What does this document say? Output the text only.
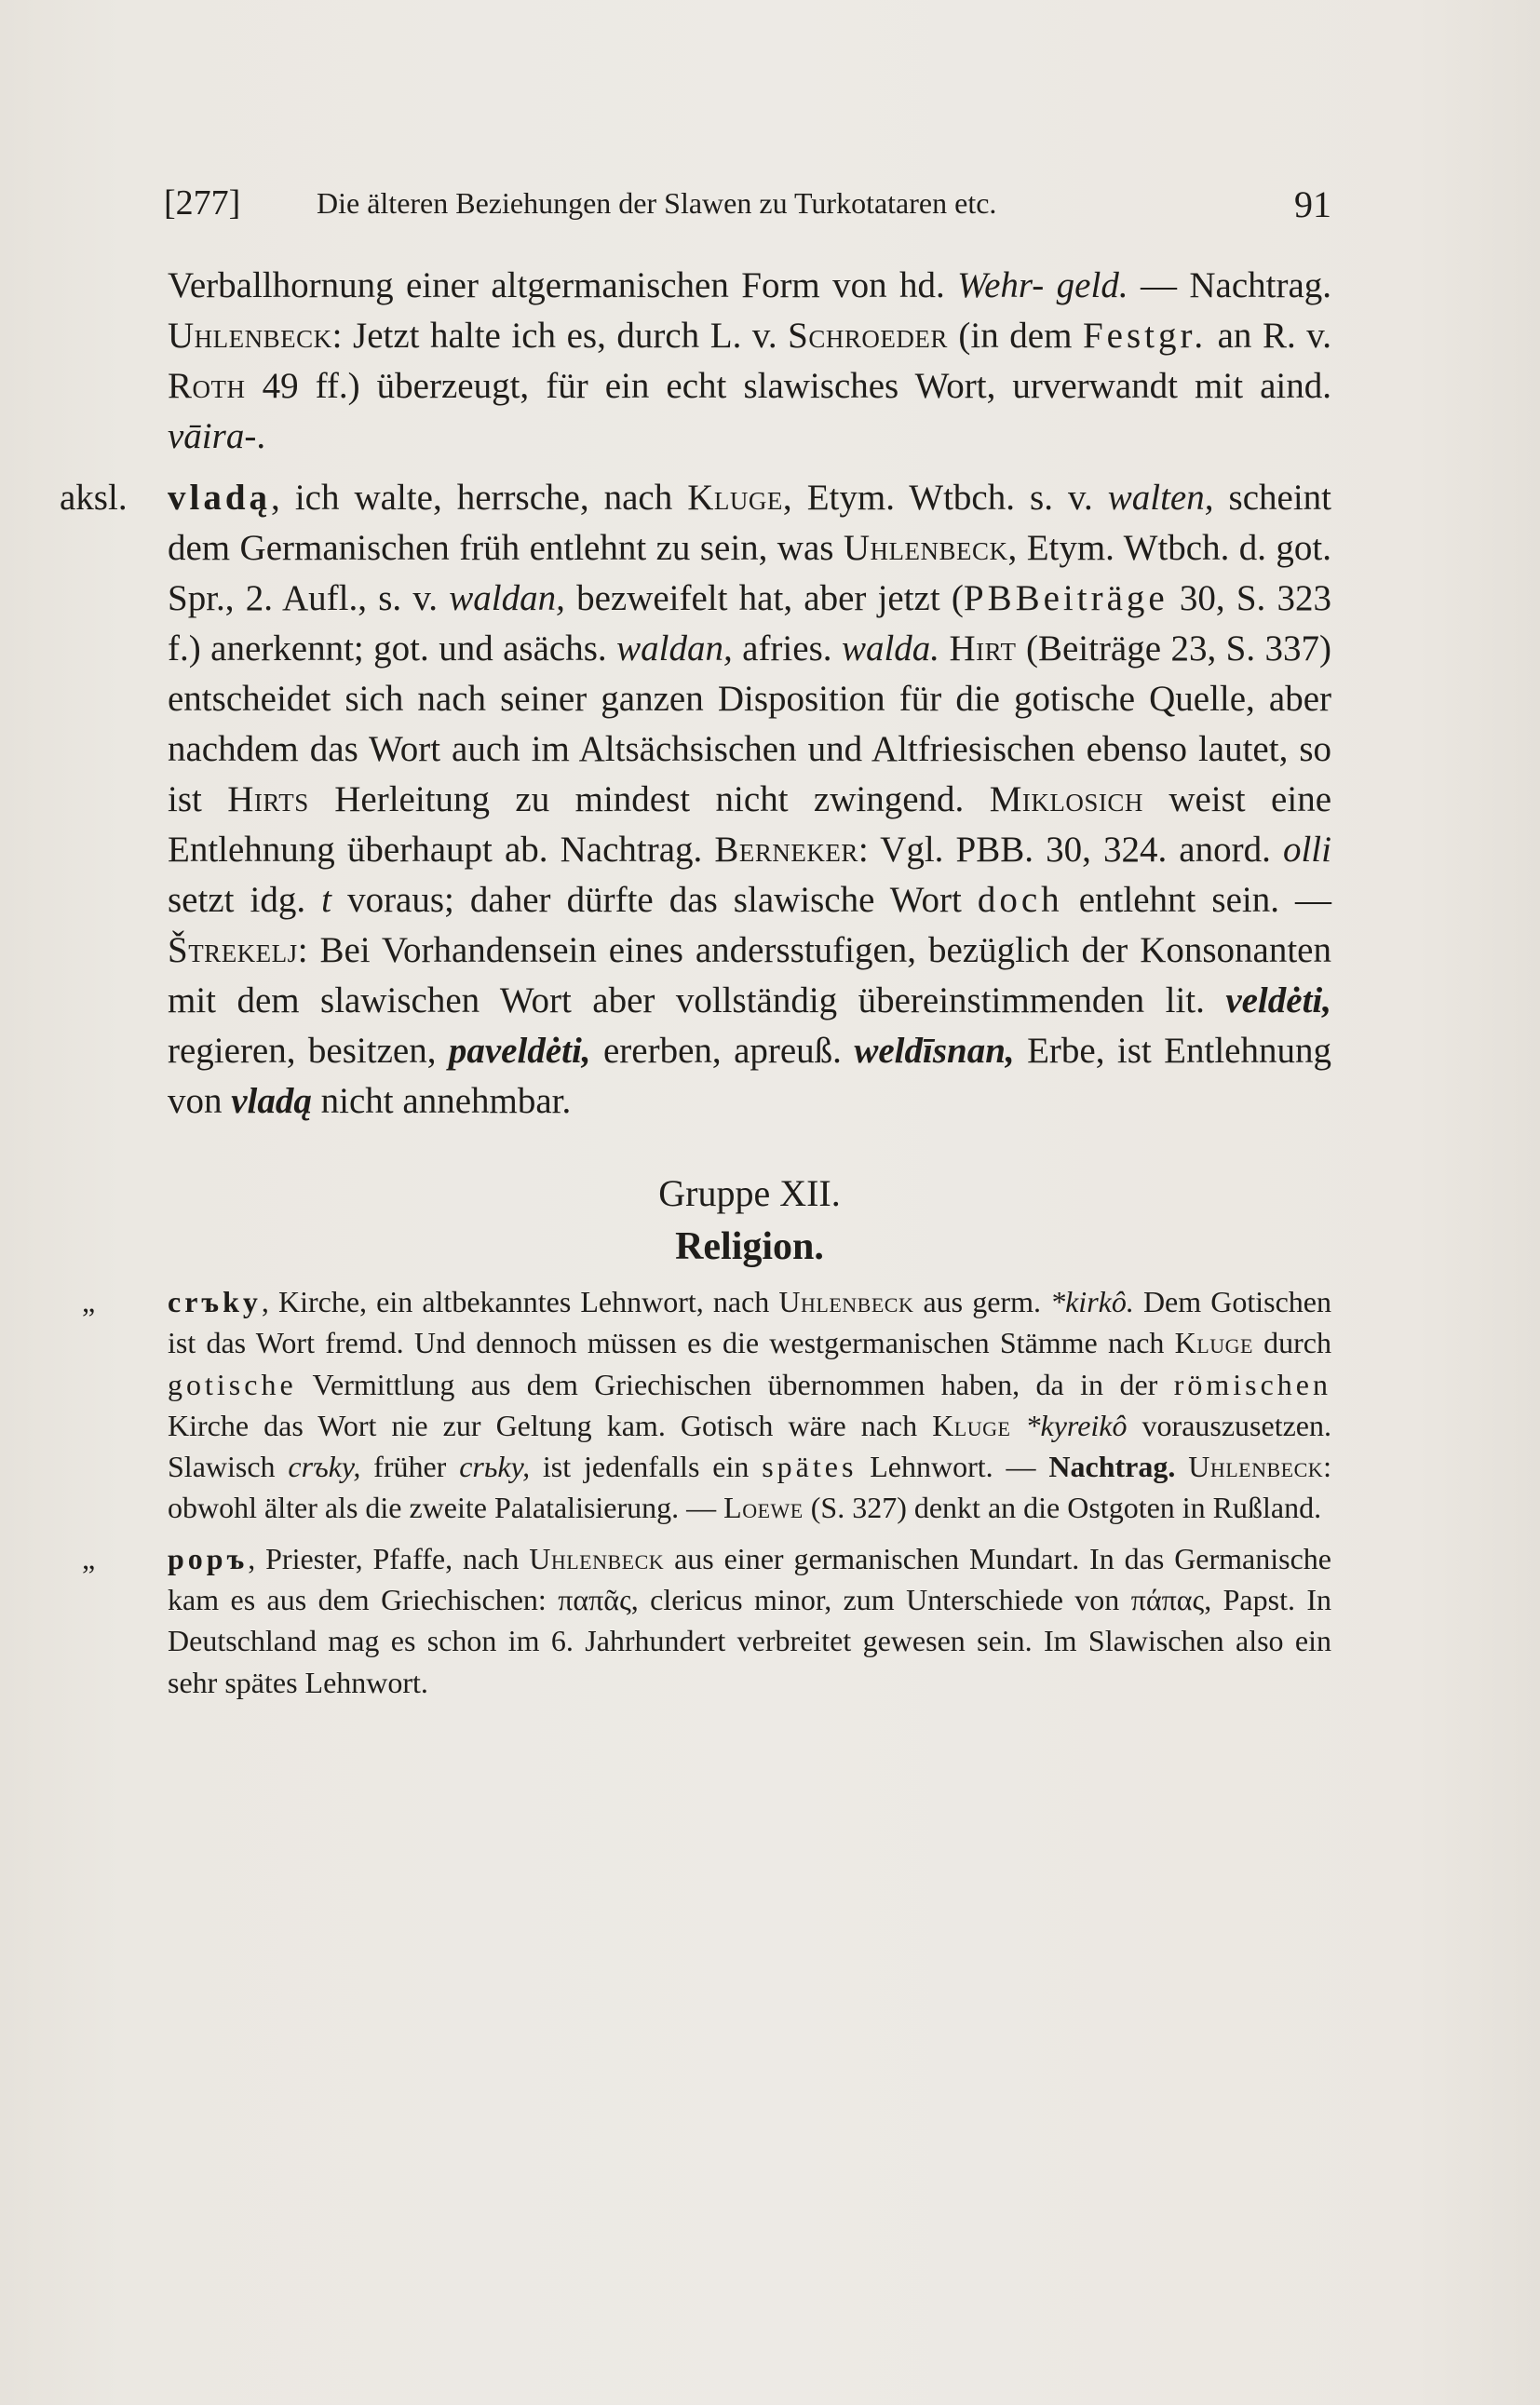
[277]	Die älteren Beziehungen der Slawen zu Turkotataren etc.	91

Verballhornung einer altgermanischen Form von hd. Wehr- geld. — Nachtrag. Uhlenbeck: Jetzt halte ich es, durch L. v. Schroeder (in dem Festgr. an R. v. Roth 49 ff.) überzeugt, für ein echt slawisches Wort, urverwandt mit aind. vāira-.

aksl. vladą, ich walte, herrsche, nach Kluge, Etym. Wtbch. s. v. walten, scheint dem Germanischen früh entlehnt zu sein, was Uhlenbeck, Etym. Wtbch. d. got. Spr., 2. Aufl., s. v. waldan, bezweifelt hat, aber jetzt (PBBeiträge 30, S. 323 f.) anerkennt; got. und asächs. waldan, afries. walda. Hirt (Beiträge 23, S. 337) entscheidet sich nach seiner ganzen Disposition für die gotische Quelle, aber nachdem das Wort auch im Altsächsischen und Altfriesischen ebenso lautet, so ist Hirts Herleitung zu mindest nicht zwingend. Miklosich weist eine Entlehnung überhaupt ab. Nachtrag. Berneker: Vgl. PBB. 30, 324. anord. olli setzt idg. t voraus; daher dürfte das slawische Wort doch entlehnt sein. — Štrekelj: Bei Vorhandensein eines andersstufigen, bezüglich der Konsonanten mit dem slawischen Wort aber vollständig übereinstimmenden lit. veldėti, regieren, besitzen, pavеldėti, ererben, apreuß. weldīsnan, Erbe, ist Entlehnung von vladą nicht annehmbar.

Gruppe XII.
Religion.

„ crъky, Kirche, ein altbekanntes Lehnwort, nach Uhlenbeck aus germ. *kirkô. Dem Gotischen ist das Wort fremd. Und dennoch müssen es die westgermanischen Stämme nach Kluge durch gotische Vermittlung aus dem Griechischen übernommen haben, da in der römischen Kirche das Wort nie zur Geltung kam. Gotisch wäre nach Kluge *kyreikô vorauszusetzen. Slawisch crъky, früher crьky, ist jedenfalls ein spätes Lehnwort. — Nachtrag. Uhlenbeck: obwohl älter als die zweite Palatalisierung. — Loewe (S. 327) denkt an die Ostgoten in Rußland.

„ popъ, Priester, Pfaffe, nach Uhlenbeck aus einer germanischen Mundart. In das Germanische kam es aus dem Griechischen: παπᾶς, clericus minor, zum Unterschiede von πάπας, Papst. In Deutschland mag es schon im 6. Jahrhundert verbreitet gewesen sein. Im Slawischen also ein sehr spätes Lehnwort.
